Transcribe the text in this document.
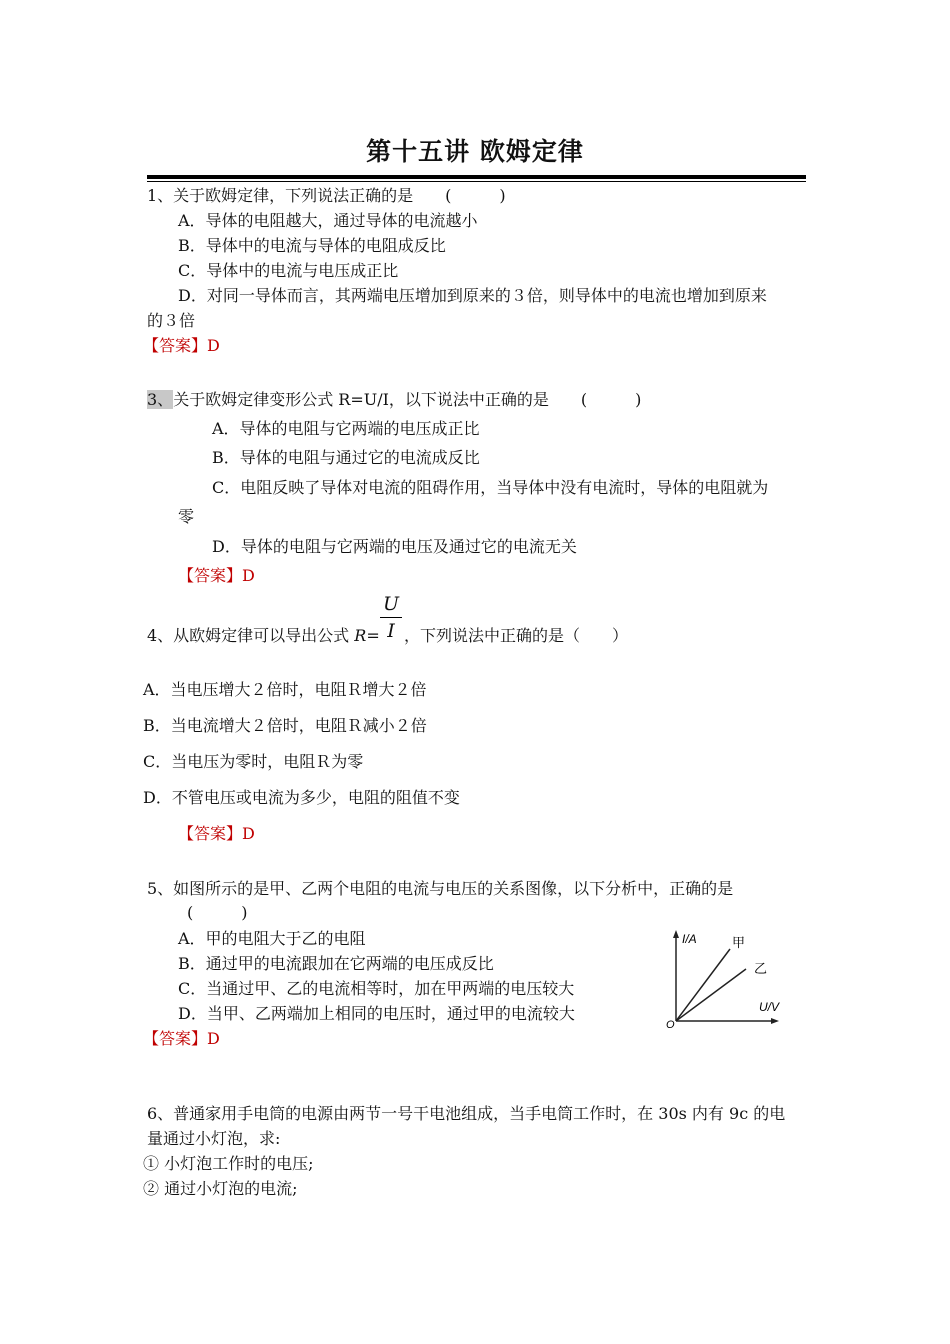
第十五讲 欧姆定律
1、关于欧姆定律，下列说法正确的是　　(　　　)
A．导体的电阻越大，通过导体的电流越小
B．导体中的电流与导体的电阻成反比
C．导体中的电流与电压成正比
D．对同一导体而言，其两端电压增加到原来的３倍，则导体中的电流也增加到原来
的３倍
【答案】D
3、关于欧姆定律变形公式 R=U/I，以下说法中正确的是　　(　　　)
A．导体的电阻与它两端的电压成正比
B．导体的电阻与通过它的电流成反比
C．电阻反映了导体对电流的阻碍作用，当导体中没有电流时，导体的电阻就为
零
D．导体的电阻与它两端的电压及通过它的电流无关
【答案】D
4、从欧姆定律可以导出公式 R=
U
I ，下列说法中正确的是（　　）
A．当电压增大２倍时，电阻Ｒ增大２倍
B．当电流增大２倍时，电阻Ｒ减小２倍
C．当电压为零时，电阻Ｒ为零
D．不管电压或电流为多少，电阻的阻值不变
【答案】D
5、如图所示的是甲、乙两个电阻的电流与电压的关系图像，以下分析中，正确的是
(　　　)
A．甲的电阻大于乙的电阻
B．通过甲的电流跟加在它两端的电压成反比
C．当通过甲、乙的电流相等时，加在甲两端的电压较大
D．当甲、乙两端加上相同的电压时，通过甲的电流较大
【答案】D
I/A	甲
乙
U/V
O
6、普通家用手电筒的电源由两节一号干电池组成，当手电筒工作时，在 30s 内有 9c 的电
量通过小灯泡，求:
① 小灯泡工作时的电压;
② 通过小灯泡的电流;
